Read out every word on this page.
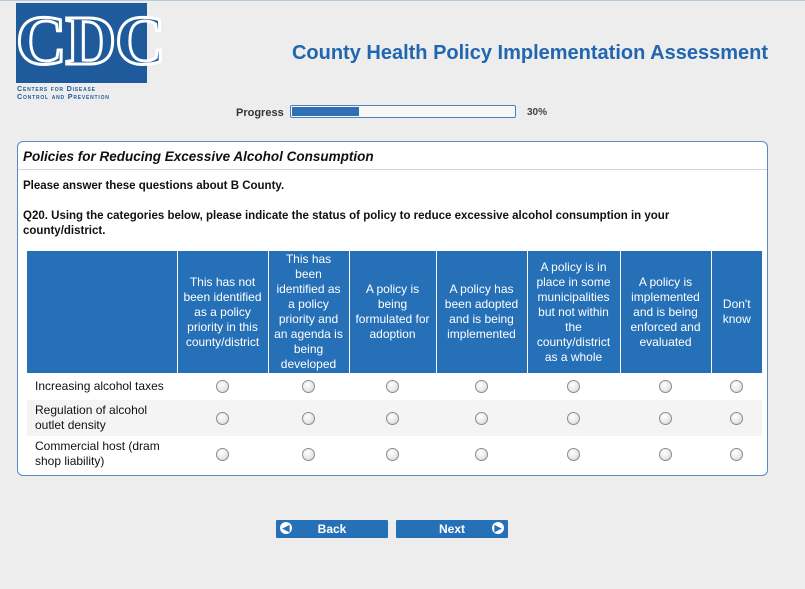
CDC
Centers for Disease
Control and Prevention
County Health Policy Implementation Assessment
Progress	30%
Policies for Reducing Excessive Alcohol Consumption
Please answer these questions about B County.
Q20. Using the categories below, please indicate the status of policy to reduce excessive alcohol consumption in your county/district.
	This has not been identified as a policy priority in this county/district	This has been identified as a policy priority and an agenda is being developed	A policy is being formulated for adoption	A policy has been adopted and is being implemented	A policy is in place in some municipalities but not within the county/district as a whole	A policy is implemented and is being enforced and evaluated	Don't know
Increasing alcohol taxes							
Regulation of alcohol outlet density							
Commercial host (dram shop liability)							
◀	Back	Next	▶
